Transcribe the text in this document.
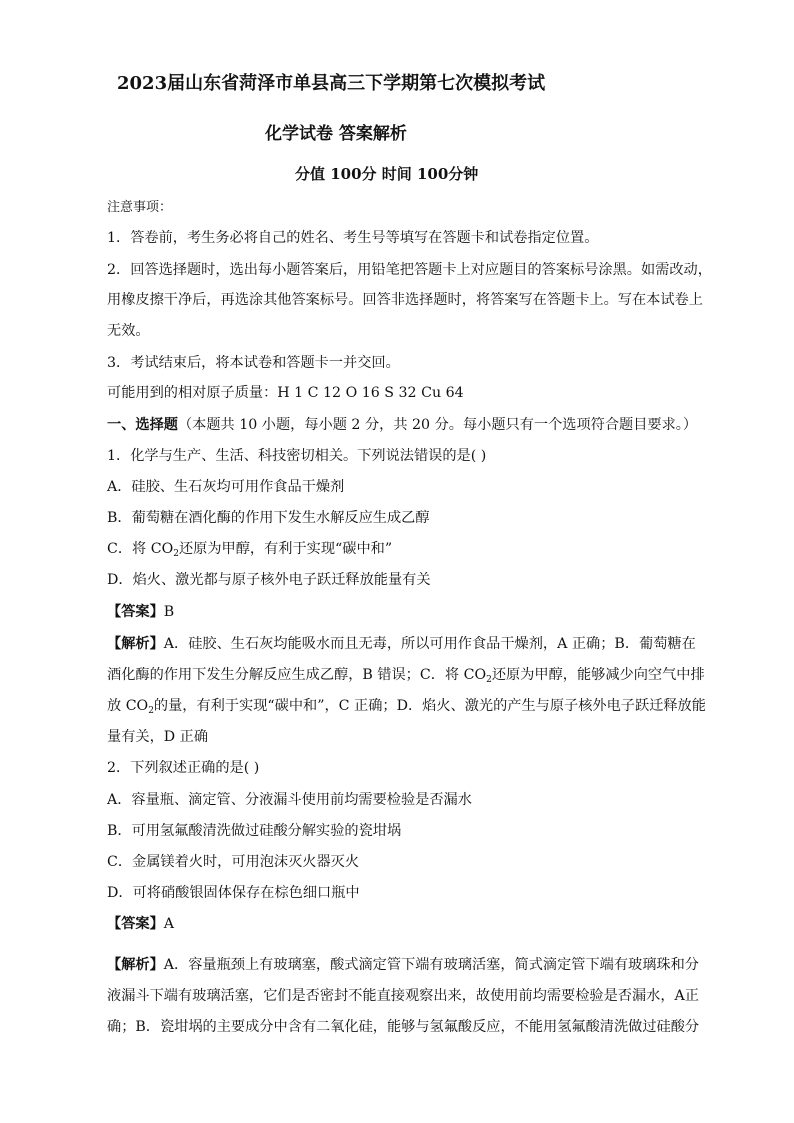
2023届山东省菏泽市单县高三下学期第七次模拟考试
化学试卷 答案解析
分值 100分 时间 100分钟
注意事项：
1．答卷前，考生务必将自己的姓名、考生号等填写在答题卡和试卷指定位置。
2．回答选择题时，选出每小题答案后，用铅笔把答题卡上对应题目的答案标号涂黑。如需改动，
用橡皮擦干净后，再选涂其他答案标号。回答非选择题时，将答案写在答题卡上。写在本试卷上
无效。
3．考试结束后，将本试卷和答题卡一并交回。
可能用到的相对原子质量：H 1 C 12 O 16 S 32 Cu 64
一、选择题（本题共 10 小题，每小题 2 分，共 20 分。每小题只有一个选项符合题目要求。）
1．化学与生产、生活、科技密切相关。下列说法错误的是( )
A．硅胶、生石灰均可用作食品干燥剂
B．葡萄糖在酒化酶的作用下发生水解反应生成乙醇
C．将 $CO_2$还原为甲醇，有利于实现“碳中和”
D．焰火、激光都与原子核外电子跃迁释放能量有关
【答案】B
【解析】A．硅胶、生石灰均能吸水而且无毒，所以可用作食品干燥剂，A 正确；B．葡萄糖在
酒化酶的作用下发生分解反应生成乙醇，B 错误；C．将 $CO_2$还原为甲醇，能够减少向空气中排
放 $CO_2$的量，有利于实现“碳中和”，C 正确；D．焰火、激光的产生与原子核外电子跃迁释放能
量有关，D 正确
2．下列叙述正确的是( )
A．容量瓶、滴定管、分液漏斗使用前均需要检验是否漏水
B．可用氢氟酸清洗做过硅酸分解实验的瓷坩埚
C．金属镁着火时，可用泡沫灭火器灭火
D．可将硝酸银固体保存在棕色细口瓶中
【答案】A
【解析】A．容量瓶颈上有玻璃塞，酸式滴定管下端有玻璃活塞，简式滴定管下端有玻璃珠和分
液漏斗下端有玻璃活塞，它们是否密封不能直接观察出来，故使用前均需要检验是否漏水，A正
确；B．瓷坩埚的主要成分中含有二氧化硅，能够与氢氟酸反应，不能用氢氟酸清洗做过硅酸分
